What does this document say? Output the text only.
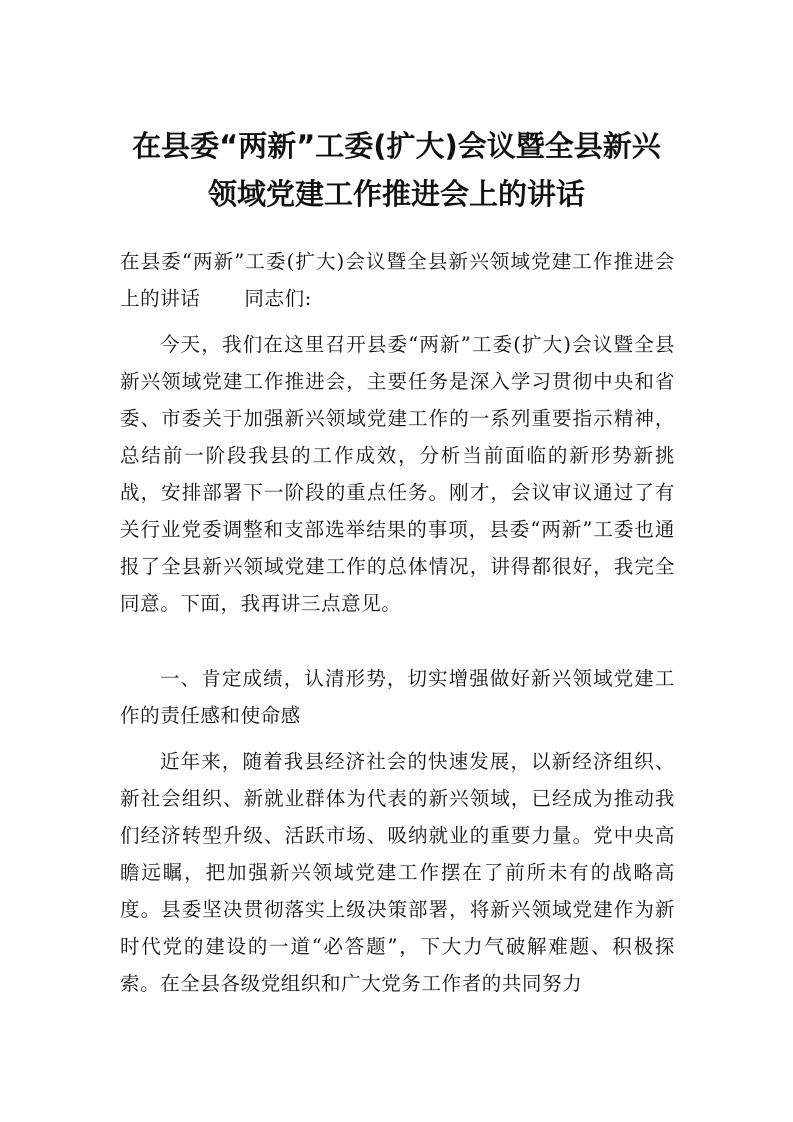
在县委“两新”工委(扩大)会议暨全县新兴
领域党建工作推进会上的讲话

在县委“两新”工委(扩大)会议暨全县新兴领域党建工作推进会上的讲话 同志们:

今天，我们在这里召开县委“两新”工委(扩大)会议暨全县新兴领域党建工作推进会，主要任务是深入学习贯彻中央和省委、市委关于加强新兴领域党建工作的一系列重要指示精神，总结前一阶段我县的工作成效，分析当前面临的新形势新挑战，安排部署下一阶段的重点任务。刚才，会议审议通过了有关行业党委调整和支部选举结果的事项，县委“两新”工委也通报了全县新兴领域党建工作的总体情况，讲得都很好，我完全同意。下面，我再讲三点意见。

一、肯定成绩，认清形势，切实增强做好新兴领域党建工作的责任感和使命感

近年来，随着我县经济社会的快速发展，以新经济组织、新社会组织、新就业群体为代表的新兴领域，已经成为推动我们经济转型升级、活跃市场、吸纳就业的重要力量。党中央高瞻远瞩，把加强新兴领域党建工作摆在了前所未有的战略高度。县委坚决贯彻落实上级决策部署，将新兴领域党建作为新时代党的建设的一道“必答题”，下大力气破解难题、积极探索。在全县各级党组织和广大党务工作者的共同努力
